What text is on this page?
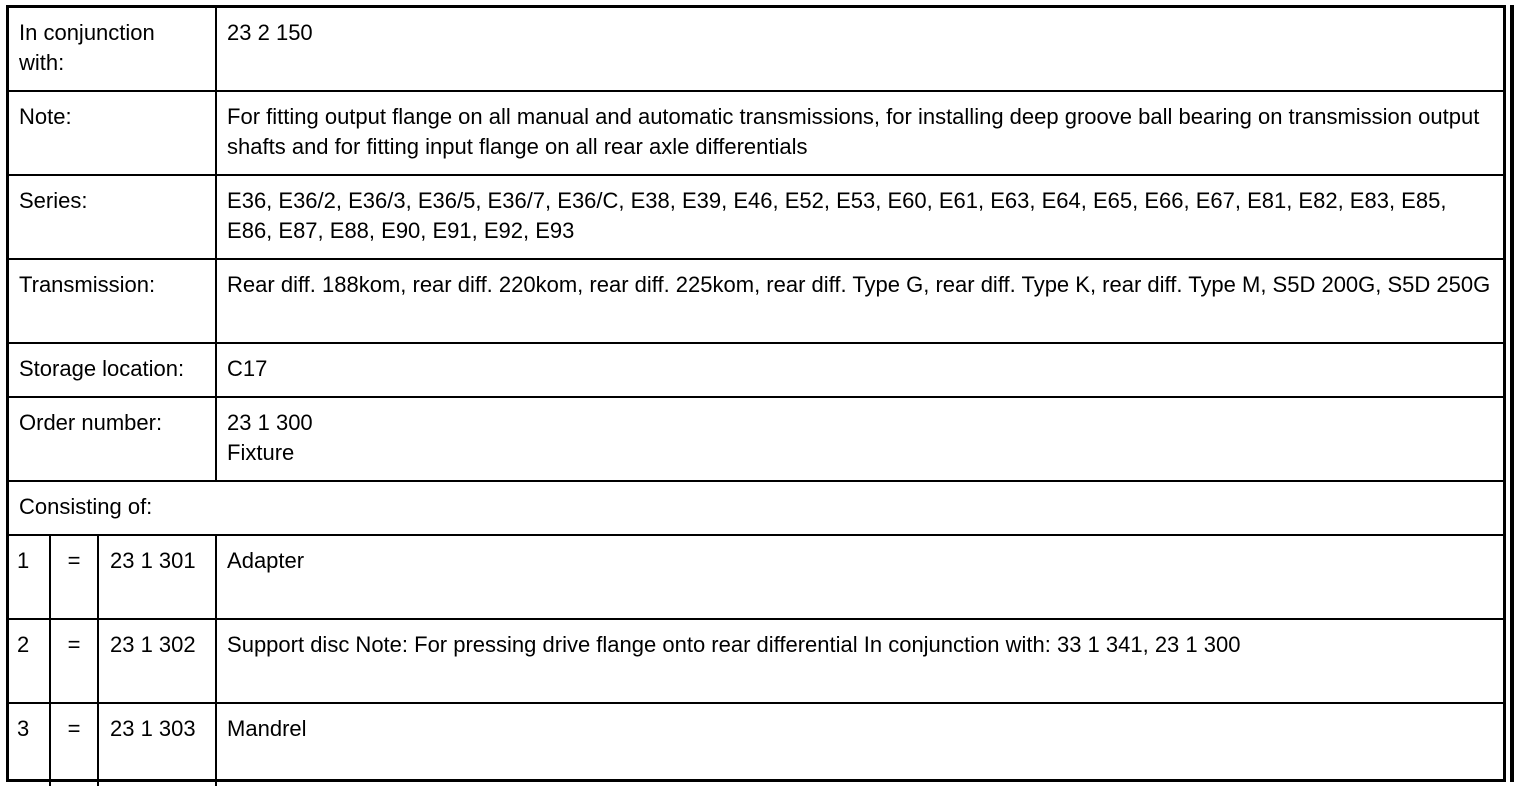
In conjunction with:			23 2 150
Note:			For fitting output flange on all manual and automatic transmissions, for installing deep groove ball bearing on transmission output shafts and for fitting input flange on all rear axle differentials
Series:			E36, E36/2, E36/3, E36/5, E36/7, E36/C, E38, E39, E46, E52, E53, E60, E61, E63, E64, E65, E66, E67, E81, E82, E83, E85, E86, E87, E88, E90, E91, E92, E93
Transmission:			Rear diff. 188kom, rear diff. 220kom, rear diff. 225kom, rear diff. Type G, rear diff. Type K, rear diff. Type M, S5D 200G, S5D 250G
Storage location:			C17
Order number:			23 1 300
Fixture

Consisting of:			
1	=	23 1 301	Adapter
2	=	23 1 302	Support disc Note: For pressing drive flange onto rear differential In conjunction with: 33 1 341, 23 1 300
3	=	23 1 303	Mandrel
